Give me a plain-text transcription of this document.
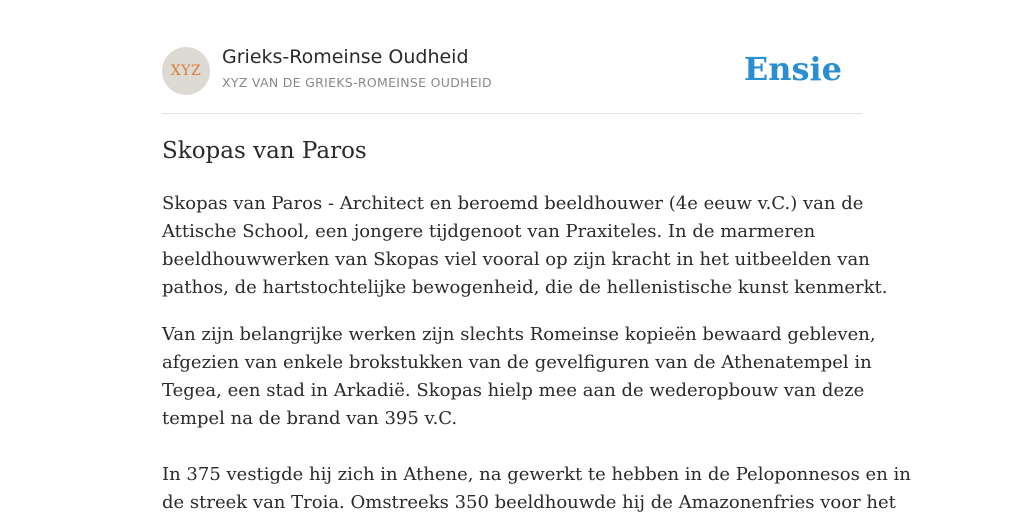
XYZ
Grieks-Romeinse Oudheid
XYZ VAN DE GRIEKS-ROMEINSE OUDHEID	Ensie
Skopas van Paros

Skopas van Paros - Architect en beroemd beeldhouwer (4e eeuw v.C.) van de
Attische School, een jongere tijdgenoot van Praxiteles. In de marmeren
beeldhouwwerken van Skopas viel vooral op zijn kracht in het uitbeelden van
pathos, de hartstochtelijke bewogenheid, die de hellenistische kunst kenmerkt.

Van zijn belangrijke werken zijn slechts Romeinse kopieën bewaard gebleven,
afgezien van enkele brokstukken van de gevelfiguren van de Athenatempel in
Tegea, een stad in Arkadië. Skopas hielp mee aan de wederopbouw van deze
tempel na de brand van 395 v.C.

In 375 vestigde hij zich in Athene, na gewerkt te hebben in de Peloponnesos en in
de streek van Troia. Omstreeks 350 beeldhouwde hij de Amazonenfries voor het
